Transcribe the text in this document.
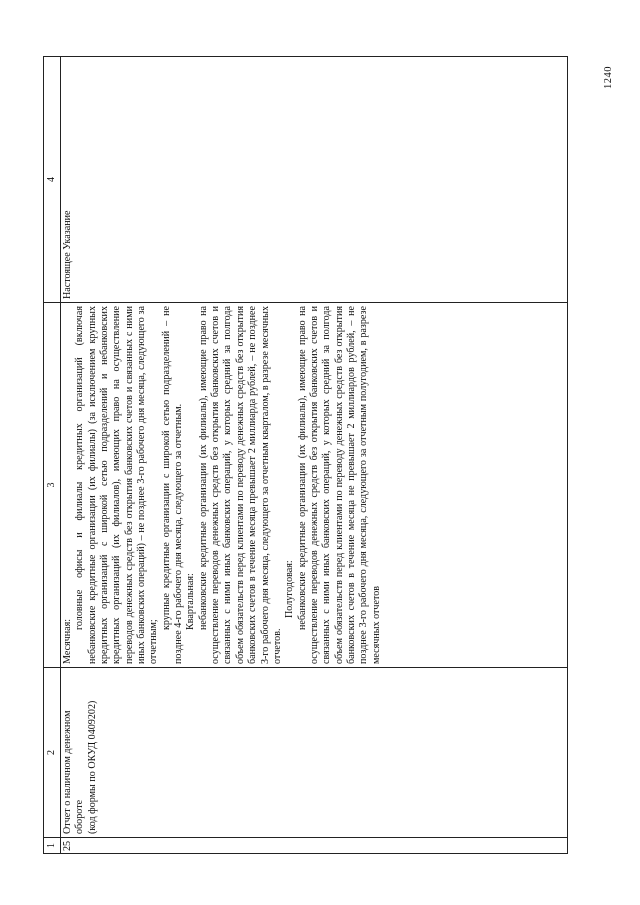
1240
1
2
3
4
25

Отчет о наличном денежном обороте (код формы по ОКУД 0409202)

Месячная:

головные офисы и филиалы кредитных организаций (включая небанковские кредитные организации (их филиалы) (за исключением крупных кредитных организаций с широкой сетью подразделений и небанковских кредитных организаций (их филиалов), имеющих право на осуществление переводов денежных средств без открытия банковских счетов и связанных с ними иных банковских операций) – не позднее 3-го рабочего дня месяца, следующего за отчетным;

крупные кредитные организации с широкой сетью подразделений – не позднее 4-го рабочего дня месяца, следующего за отчетным. Квартальная: небанковские кредитные организации (их филиалы), имеющие право на осуществление переводов денежных средств без открытия банковских счетов и связанных с ними иных банковских операций, у которых средний за полгода объем обязательств перед клиентами по переводу денежных средств без открытия банковских счетов в течение месяца превышает 2 миллиарда рублей, – не позднее 3-го рабочего дня месяца, следующего за отчетным кварталом, в разрезе месячных отчетов.

Полугодовая: небанковские кредитные организации (их филиалы), имеющие право на осуществление переводов денежных средств без открытия банковских счетов и связанных с ними иных банковских операций, у которых средний за полгода объем обязательств перед клиентами по переводу денежных средств без открытия банковских счетов в течение месяца не превышает 2 миллиардов рублей, – не позднее 3-го рабочего дня месяца, следующего за отчетным полугодием, в разрезе месячных отчетов

Настоящее Указание
